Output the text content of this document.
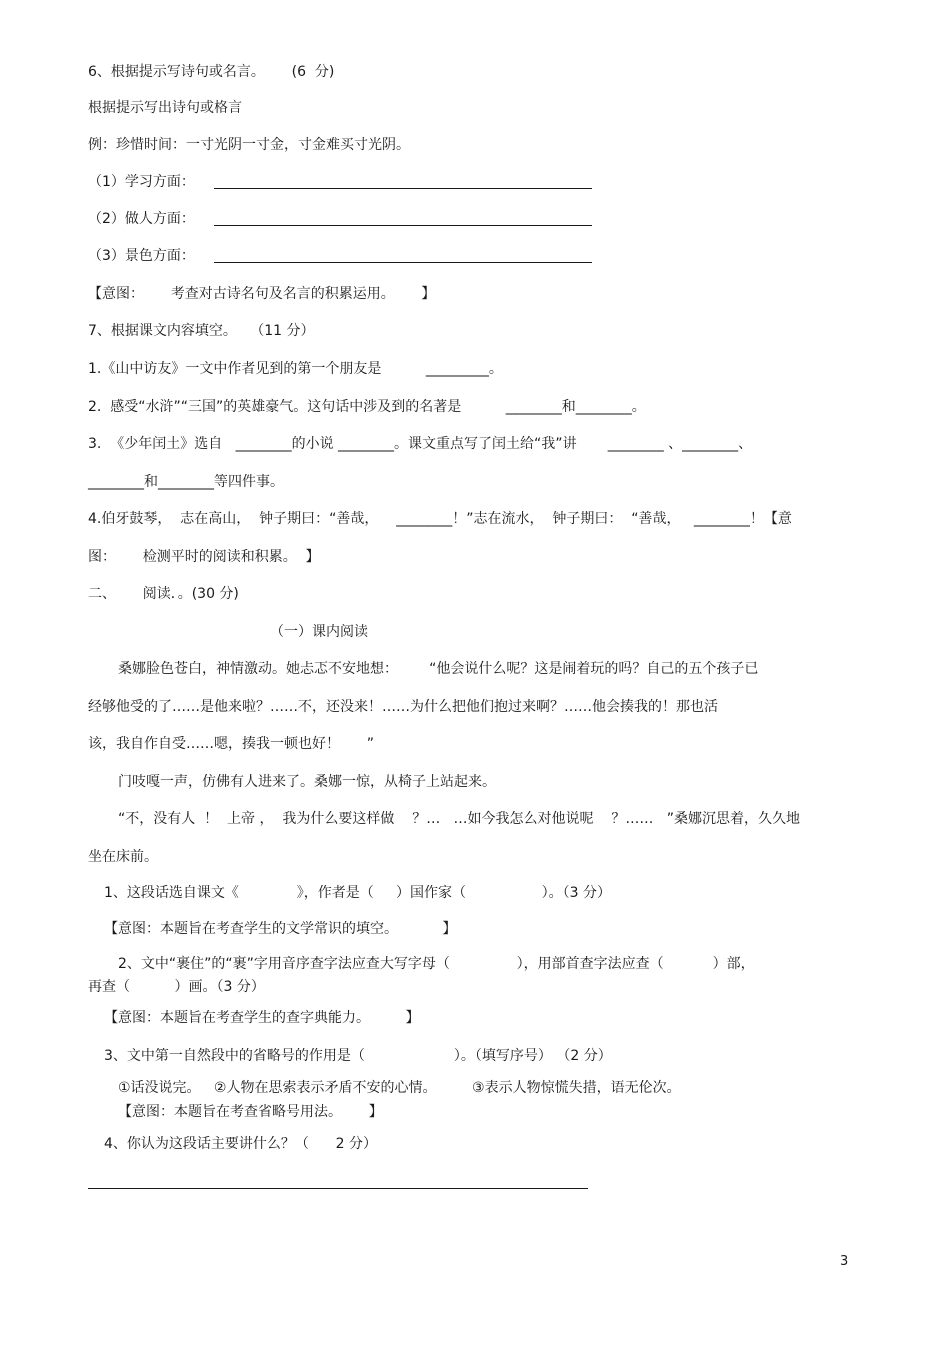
6、根据提示写诗句或名言。      (6  分)
根据提示写出诗句或格言
例：珍惜时间：一寸光阴一寸金，寸金难买寸光阴。
（1）学习方面：
（2）做人方面：
（3）景色方面：
【意图：      考查对古诗名句及名言的积累运用。      】
7、根据课文内容填空。   （11 分）
1.《山中访友》一文中作者见到的第一个朋友是          _________。
2.  感受“水浒”“三国”的英雄豪气。这句话中涉及到的名著是          ________和________。
3.  《少年闰土》选自   ________的小说 ________。课文重点写了闰土给“我”讲       ________ 、________、
________和________等四件事。
4.伯牙鼓琴，  志在高山，  钟子期曰：“善哉，    ________！”志在流水，  钟子期曰：  “善哉，   ________！【意
图：      检测平时的阅读和积累。  】
二、      阅读．。(30 分)
（一）课内阅读
桑娜脸色苍白，神情激动。她忐忑不安地想：       “他会说什么呢？这是闹着玩的吗？自己的五个孩子已
经够他受的了……是他来啦？……不，还没来！……为什么把他们抱过来啊？……他会揍我的！那也活
该，我自作自受……嗯，揍我一顿也好！      ”
门吱嘎一声，仿佛有人进来了。桑娜一惊，从椅子上站起来。
“不，没有人  ！  上帝 ，  我为什么要这样做    ？…   …如今我怎么对他说呢    ？……   ”桑娜沉思着，久久地
坐在床前。
1、这段话选自课文《             》，作者是（     ）国作家（                 ）。（3 分）
【意图：本题旨在考查学生的文学常识的填空。          】
2、文中“裹住”的“裹”字用音序查字法应查大写字母（               ），用部首查字法应查（           ）部，
再查（          ）画。（3 分）
【意图：本题旨在考查学生的查字典能力。        】
3、文中第一自然段中的省略号的作用是（                    ）。（填写序号） （2 分）
①话没说完。   ②人物在思索表示矛盾不安的心情。        ③表示人物惊慌失措，语无伦次。
【意图：本题旨在考查省略号用法。      】
4、你认为这段话主要讲什么？（      2 分）
3
